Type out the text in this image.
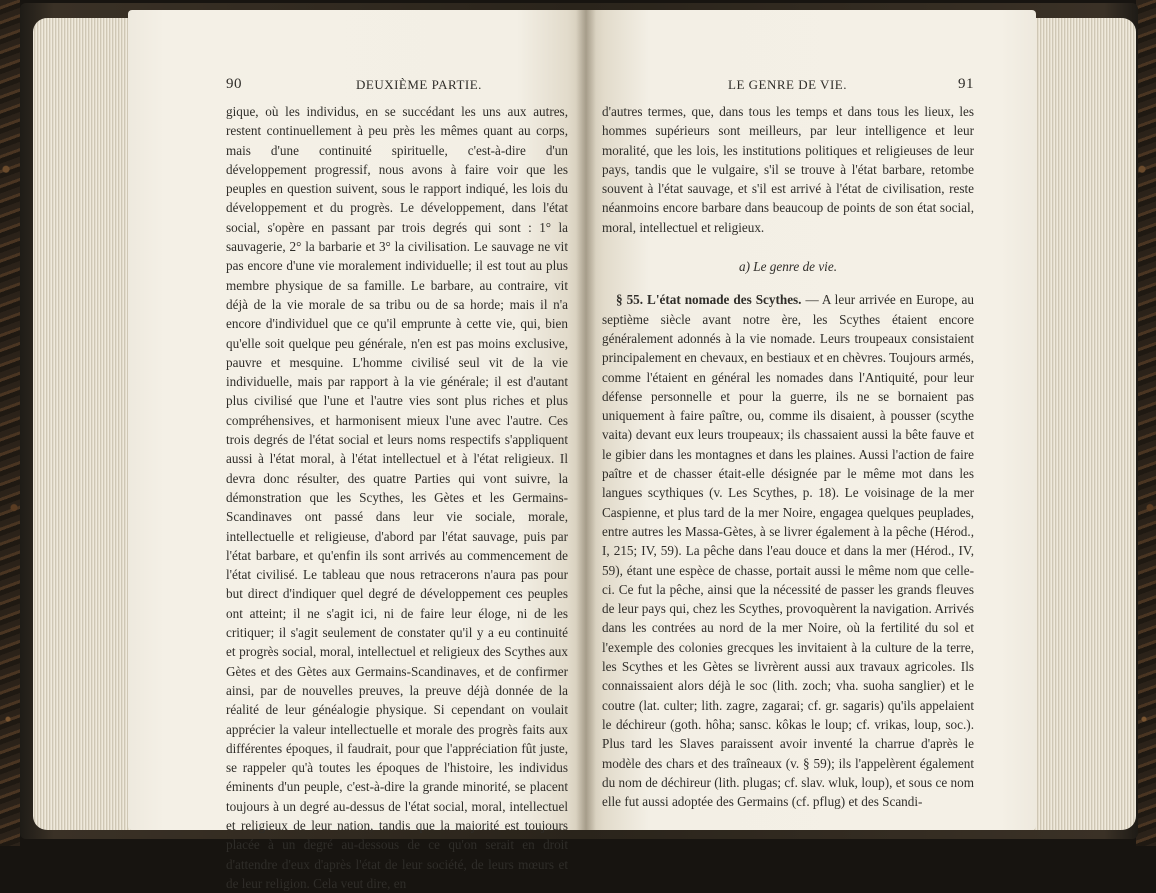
90	DEUXIÈME PARTIE.

gique, où les individus, en se succédant les uns aux autres, restent continuellement à peu près les mêmes quant au corps, mais d'une continuité spirituelle, c'est-à-dire d'un développement progressif, nous avons à faire voir que les peuples en question suivent, sous le rapport indiqué, les lois du développement et du progrès. Le développement, dans l'état social, s'opère en passant par trois degrés qui sont : 1° la sauvagerie, 2° la barbarie et 3° la civilisation. Le sauvage ne vit pas encore d'une vie moralement individuelle; il est tout au plus membre physique de sa famille. Le barbare, au contraire, vit déjà de la vie morale de sa tribu ou de sa horde; mais il n'a encore d'individuel que ce qu'il emprunte à cette vie, qui, bien qu'elle soit quelque peu générale, n'en est pas moins exclusive, pauvre et mesquine. L'homme civilisé seul vit de la vie individuelle, mais par rapport à la vie générale; il est d'autant plus civilisé que l'une et l'autre vies sont plus riches et plus compréhensives, et harmonisent mieux l'une avec l'autre. Ces trois degrés de l'état social et leurs noms respectifs s'appliquent aussi à l'état moral, à l'état intellectuel et à l'état religieux. Il devra donc résulter, des quatre Parties qui vont suivre, la démonstration que les Scythes, les Gètes et les Germains-Scandinaves ont passé dans leur vie sociale, morale, intellectuelle et religieuse, d'abord par l'état sauvage, puis par l'état barbare, et qu'enfin ils sont arrivés au commencement de l'état civilisé. Le tableau que nous retracerons n'aura pas pour but direct d'indiquer quel degré de développement ces peuples ont atteint; il ne s'agit ici, ni de faire leur éloge, ni de les critiquer; il s'agit seulement de constater qu'il y a eu continuité et progrès social, moral, intellectuel et religieux des Scythes aux Gètes et des Gètes aux Germains-Scandinaves, et de confirmer ainsi, par de nouvelles preuves, la preuve déjà donnée de la réalité de leur généalogie physique. Si cependant on voulait apprécier la valeur intellectuelle et morale des progrès faits aux différentes époques, il faudrait, pour que l'appréciation fût juste, se rappeler qu'à toutes les époques de l'histoire, les individus éminents d'un peuple, c'est-à-dire la grande minorité, se placent toujours à un degré au-dessus de l'état social, moral, intellectuel et religieux de leur nation, tandis que la majorité est toujours placée à un degré au-dessous de ce qu'on serait en droit d'attendre d'eux d'après l'état de leur société, de leurs mœurs et de leur religion. Cela veut dire, en

LE GENRE DE VIE.	91

d'autres termes, que, dans tous les temps et dans tous les lieux, les hommes supérieurs sont meilleurs, par leur intelligence et leur moralité, que les lois, les institutions politiques et religieuses de leur pays, tandis que le vulgaire, s'il se trouve à l'état barbare, retombe souvent à l'état sauvage, et s'il est arrivé à l'état de civilisation, reste néanmoins encore barbare dans beaucoup de points de son état social, moral, intellectuel et religieux.

a) Le genre de vie.

§ 55. L'état nomade des Scythes. — A leur arrivée en Europe, au septième siècle avant notre ère, les Scythes étaient encore généralement adonnés à la vie nomade. Leurs troupeaux consistaient principalement en chevaux, en bestiaux et en chèvres. Toujours armés, comme l'étaient en général les nomades dans l'Antiquité, pour leur défense personnelle et pour la guerre, ils ne se bornaient pas uniquement à faire paître, ou, comme ils disaient, à pousser (scythe vaita) devant eux leurs troupeaux; ils chassaient aussi la bête fauve et le gibier dans les montagnes et dans les plaines. Aussi l'action de faire paître et de chasser était-elle désignée par le même mot dans les langues scythiques (v. Les Scythes, p. 18). Le voisinage de la mer Caspienne, et plus tard de la mer Noire, engagea quelques peuplades, entre autres les Massa-Gètes, à se livrer également à la pêche (Hérod., I, 215; IV, 59). La pêche dans l'eau douce et dans la mer (Hérod., IV, 59), étant une espèce de chasse, portait aussi le même nom que celle-ci. Ce fut la pêche, ainsi que la nécessité de passer les grands fleuves de leur pays qui, chez les Scythes, provoquèrent la navigation. Arrivés dans les contrées au nord de la mer Noire, où la fertilité du sol et l'exemple des colonies grecques les invitaient à la culture de la terre, les Scythes et les Gètes se livrèrent aussi aux travaux agricoles. Ils connaissaient alors déjà le soc (lith. zoch; vha. suoha sanglier) et le coutre (lat. culter; lith. zagre, zagarai; cf. gr. sagaris) qu'ils appelaient le déchireur (goth. hôha; sansc. kôkas le loup; cf. vrikas, loup, soc.). Plus tard les Slaves paraissent avoir inventé la charrue d'après le modèle des chars et des traîneaux (v. § 59); ils l'appelèrent également du nom de déchireur (lith. plugas; cf. slav. wluk, loup), et sous ce nom elle fut aussi adoptée des Germains (cf. pflug) et des Scandi-
